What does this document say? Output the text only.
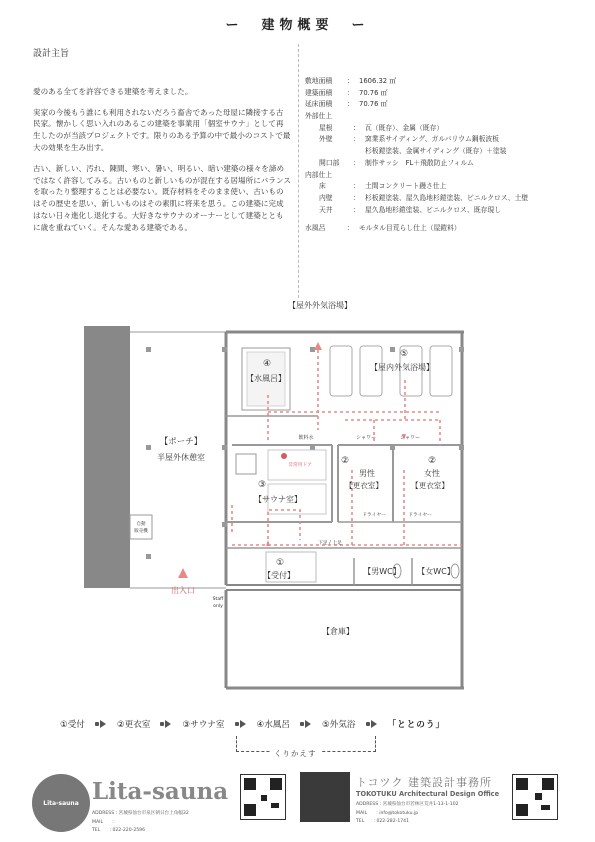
ー　建物概要　ー
設計主旨

愛のある全てを許容できる建築を考えました。

実家の今後もう誰にも利用されないだろう畜舎であった母屋に隣接する古民家。懐かしく思い入れのあるこの建築を事業用「個室サウナ」として再生したのが当該プロジェクトです。限りのある予算の中で最小のコストで最大の効果を生み出す。

古い、新しい、汚れ、陳間、寒い、暑い、明るい、暗い建築の様々を諦めではなく許容してみる。古いものと新しいものが混在する居場所にバランスを取ったり整理することは必要ない。既存材料をそのまま使い、古いものはその歴史を思い、新しいものはその素肌に将来を思う。この建築に完成はない日々進化し退化する。大好きなサウナのオーナーとして建築とともに歳を重ねていく。そんな愛ある建築である。

敷地面積	： 1606.32 ㎡
建築面積	： 70.76 ㎡
延床面積	： 70.76 ㎡
外部仕上
屋根	： 瓦（既存）、金属（既存）
外壁	： 窯業系サイディング、ガルバリウム鋼板波板
杉板鎧塗装、金属サイディング（既存）＋塗装
開口部	： 制作サッシ　FL＋飛散防止フィルム
内部仕上
床	： 土間コンクリート鏝さ仕上
内壁	： 杉板鎧塗装、屋久島地杉鎧塗装、ビニルクロス、土壁
天井	： 屋久島地杉鎧塗装、ビニルクロス、既存現し
水風呂	： モルタル目荒らし仕上（屋鎧料）
【屋外外気浴場】
【ポーチ】
半屋外休憩室
自動
販売機
④
【水風呂】
⑤
【屋内外気浴場】
飲料水	シャワー	シャワー
非常用ドア
③
【サウナ室】
②
男性
【更衣室】
②
女性
【更衣室】
ドライヤー	ドライヤー
下足 / 上足
①
【受付】	【男WC】 【女WC】
Staff
only
出入口
【倉庫】
①受付	②更衣室	③サウナ室	④水風呂	⑤外気浴	「ととのう」
くりかえす
Lita-sauna Lita-sauna
ADDRESS : 宮城県仙台市泉区朝日台上角幅32
MAIL　　:
TEL　　: 022-220-2596
トコツク 建築設計事務所
TOKOTUKU Architectural Design Office
ADDRESS : 宮城県仙台市若林区荒井1-13-1-102
MAIL　　: info@tokotuku.jp
TEL　　: 022-282-1741
